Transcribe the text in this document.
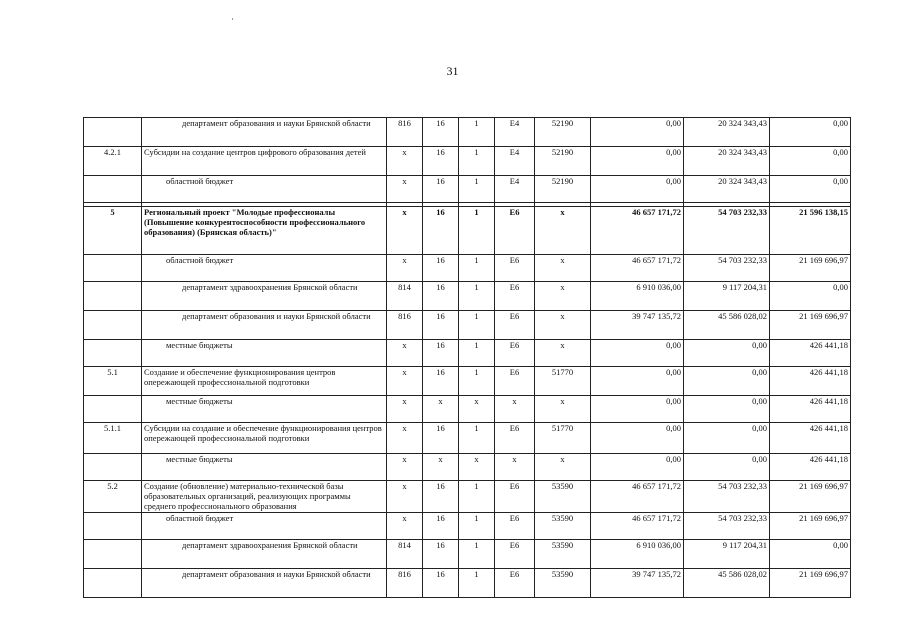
31
	департамент образования и науки Брянской области	816	16	1	Е4	52190	0,00	20 324 343,43	0,00
4.2.1	Субсидии на создание центров цифрового образования детей	х	16	1	Е4	52190	0,00	20 324 343,43	0,00
	областной бюджет	х	16	1	Е4	52190	0,00	20 324 343,43	0,00

5	Региональный проект "Молодые профессионалы (Повышение конкурентоспособности профессионального образования) (Брянская область)"	х	16	1	Е6	х	46 657 171,72	54 703 232,33	21 596 138,15
	областной бюджет	х	16	1	Е6	х	46 657 171,72	54 703 232,33	21 169 696,97
	департамент здравоохранения Брянской области	814	16	1	Е6	х	6 910 036,00	9 117 204,31	0,00
	департамент образования и науки Брянской области	816	16	1	Е6	х	39 747 135,72	45 586 028,02	21 169 696,97
	местные бюджеты	х	16	1	Е6	х	0,00	0,00	426 441,18
5.1	Создание и обеспечение функционирования центров опережающей профессиональной подготовки	х	16	1	Е6	51770	0,00	0,00	426 441,18
	местные бюджеты	х	х	х	х	х	0,00	0,00	426 441,18
5.1.1	Субсидии на создание и обеспечение функционирования центров опережающей профессиональной подготовки	х	16	1	Е6	51770	0,00	0,00	426 441,18
	местные бюджеты	х	х	х	х	х	0,00	0,00	426 441,18
5.2	Создание (обновление) материально-технической базы образовательных организаций, реализующих программы среднего профессионального образования	х	16	1	Е6	53590	46 657 171,72	54 703 232,33	21 169 696,97
	областной бюджет	х	16	1	Е6	53590	46 657 171,72	54 703 232,33	21 169 696,97
	департамент здравоохранения Брянской области	814	16	1	Е6	53590	6 910 036,00	9 117 204,31	0,00
	департамент образования и науки Брянской области	816	16	1	Е6	53590	39 747 135,72	45 586 028,02	21 169 696,97
